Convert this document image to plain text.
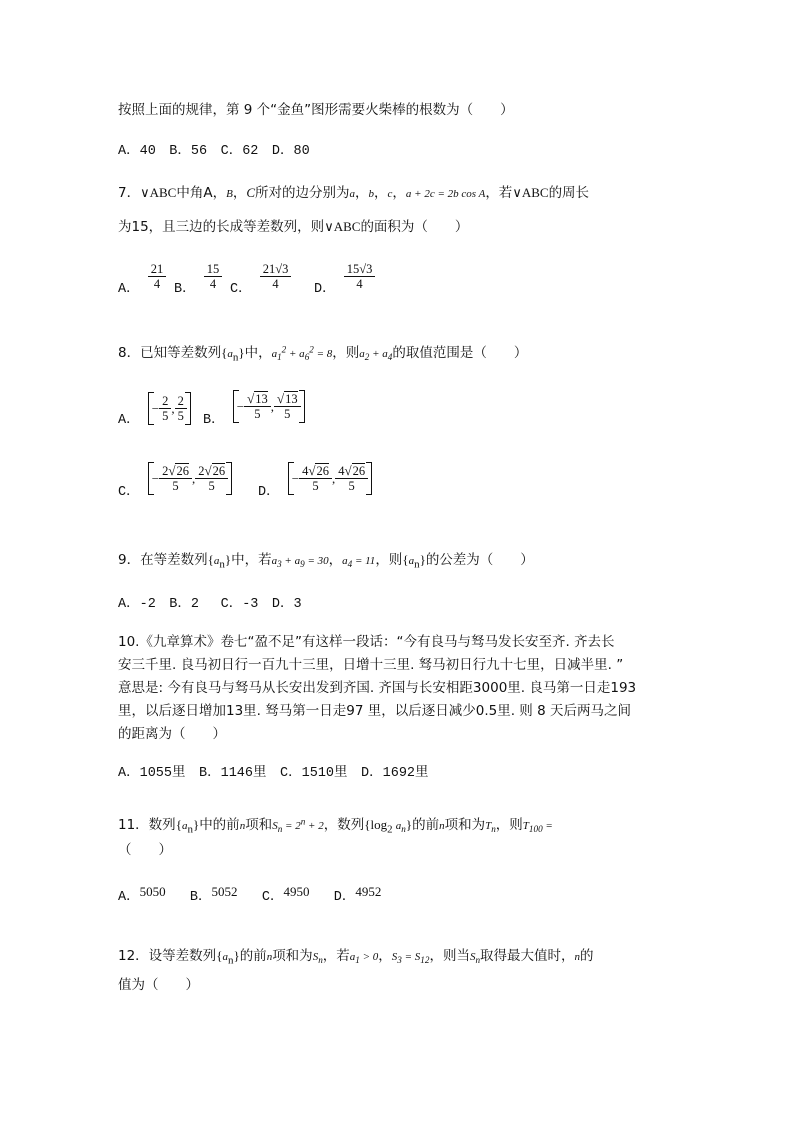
按照上面的规律，第 9 个“金鱼”图形需要火柴棒的根数为（　　）
A．40　B．56　C．62　D．80
7．∨ABC中角A，B，C所对的边分别为a，b，c，a + 2c = 2b cos A，若∨ABC的周长
为15，且三边的长成等差数列，则∨ABC的面积为（　　）
A． $\frac{21}{4}$ B． $\frac{15}{4}$ C． $\frac{21√3}{4}$ D． $\frac{15√3}{4}$
8．已知等差数列$\{a_n\}$中，$a_1^2 + a_6^2 = 8$，则$a_2 + a_4$的取值范围是（　　）
A．
− $\frac{2}{5}$ , $\frac{2}{5}$ B．
− $\frac{√13}{5}$ , $\frac{√13}{5}$
C．
− $\frac{2√26}{5}$ , $\frac{2√26}{5}$ D．
− $\frac{4√26}{5}$ , $\frac{4√26}{5}$
9．在等差数列$\{a_n\}$中，若$a_3 + a_9 = 30$，$a_4 = 11$，则$\{a_n\}$的公差为（　　）
A．-2　B．2　 C．-3　D．3
10.《九章算术》卷七“盈不足”有这样一段话：“今有良马与驽马发长安至齐. 齐去长
安三千里. 良马初日行一百九十三里，日增十三里. 驽马初日行九十七里，日减半里. ”
意思是: 今有良马与驽马从长安出发到齐国. 齐国与长安相距3000里. 良马第一日走193
里，以后逐日增加13里. 驽马第一日走97 里，以后逐日减少0.5里. 则 8 天后两马之间
的距离为（　　）
A．1055里　B．1146里　C．1510里　D．1692里
11．数列$\{a_n\}$中的前n项和$S_n = 2^n + 2$，数列{$\log_2$ $a_n$}的前n项和为$T_n$，则$T_{100}$ =
（　　）
A．5050 B．5052 C．4950 D．4952
12．设等差数列$\{a_n\}$的前n项和为$S_n$，若$a_1 > 0$，$S_3 = S_{12}$，则当$S_n$取得最大值时，n的
值为（　　）
